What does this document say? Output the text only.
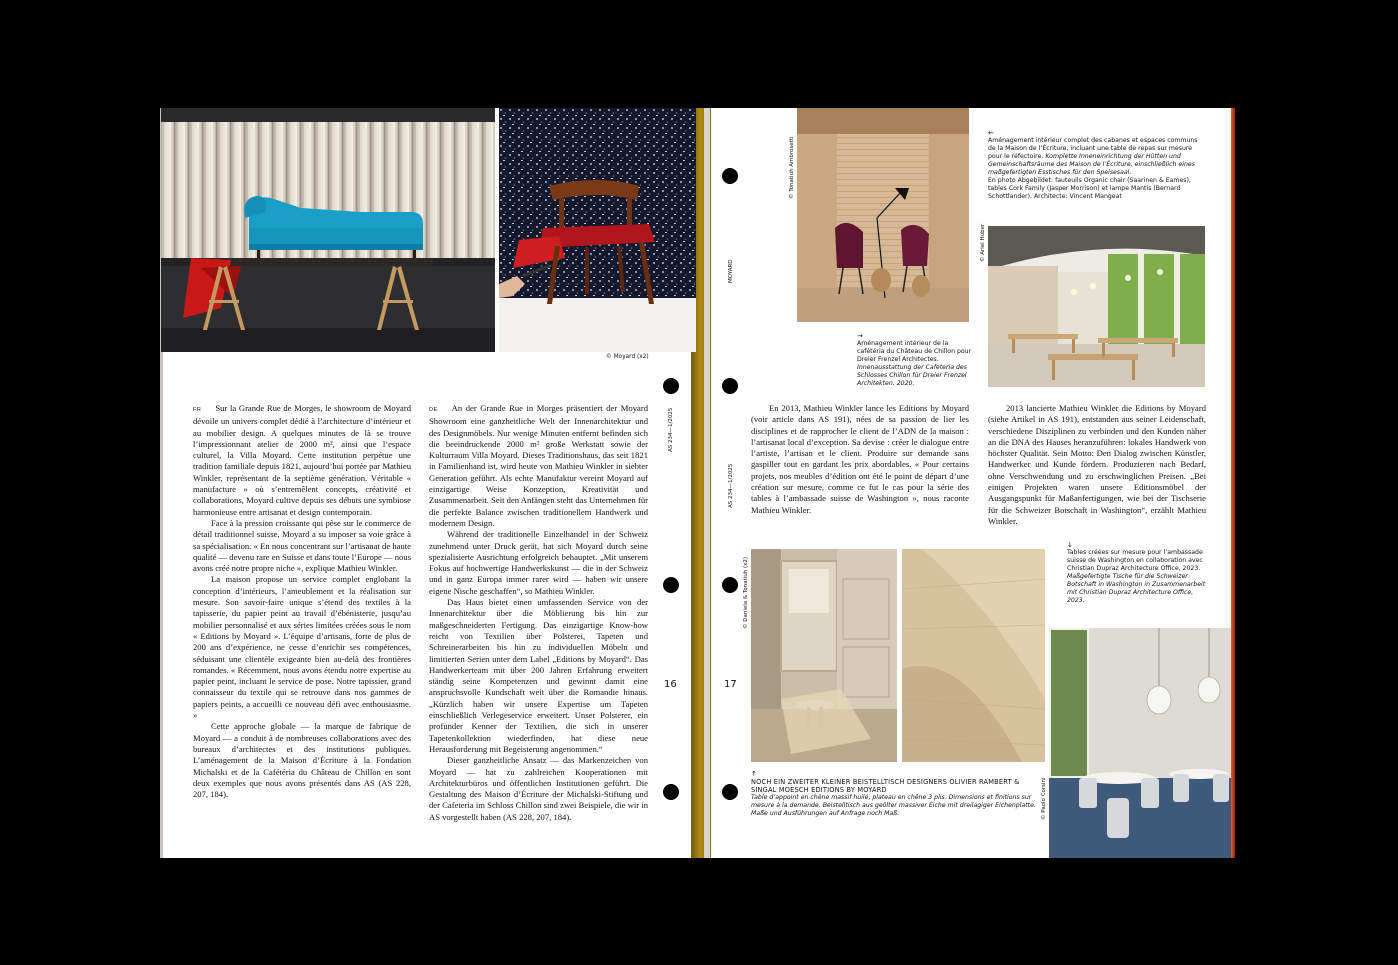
© Moyard (x2)

FR Sur la Grande Rue de Morges, le showroom de Moyard dévoile un univers complet dédié à l’architecture d’intérieur et au mobilier design. A quelques minutes de là se trouve l’impressionnant atelier de 2000 m², ainsi que l’espace culturel, la Villa Moyard. Cette institution perpétue une tradition familiale depuis 1821, aujourd’hui portée par Mathieu Winkler, représentant de la septième génération. Véritable « manufacture » où s’entremêlent concepts, créativité et collaborations, Moyard cultive depuis ses débuts une symbiose harmonieuse entre artisanat et design contemporain.

Face à la pression croissante qui pèse sur le commerce de détail traditionnel suisse, Moyard a su imposer sa voie grâce à sa spécialisation. « En nous concentrant sur l’artisanat de haute qualité — devenu rare en Suisse et dans toute l’Europe — nous avons créé notre propre niche », explique Mathieu Winkler.

La maison propose un service complet englobant la conception d’intérieurs, l’ameublement et la réalisation sur mesure. Son savoir-faire unique s’étend des textiles à la tapisserie, du papier peint au travail d’ébénisterie, jusqu’au mobilier personnalisé et aux séries limitées créées sous le nom « Editions by Moyard ». L’équipe d’artisans, forte de plus de 200 ans d’expérience, ne cesse d’enrichir ses compétences, séduisant une clientèle exigeante bien au-delà des frontières romandes. « Récemment, nous avons étendu notre expertise au papier peint, incluant le service de pose. Notre tapissier, grand connaisseur du textile qui se retrouve dans nos gammes de papiers peints, a accueilli ce nouveau défi avec enthousiasme. »

Cette approche globale — la marque de fabrique de Moyard — a conduit à de nombreuses collaborations avec des bureaux d’architectes et des institutions publiques. L’aménagement de la Maison d’Écriture à la Fondation Michalski et de la Cafétéria du Château de Chillon en sont deux exemples que nous avons présentés dans AS (AS 228, 207, 184).

DE An der Grande Rue in Morges präsentiert der Moyard Showroom eine ganzheitliche Welt der Innenarchitektur und des Designmöbels. Nur wenige Minuten entfernt befinden sich die beeindruckende 2000 m² große Werkstatt sowie der Kulturraum Villa Moyard. Dieses Traditionshaus, das seit 1821 in Familienhand ist, wird heute von Mathieu Winkler in siebter Generation geführt. Als echte Manufaktur vereint Moyard auf einzigartige Weise Konzeption, Kreativität und Zusammenarbeit. Seit den Anfängen steht das Unternehmen für die perfekte Balance zwischen traditionellem Handwerk und modernem Design.

Während der traditionelle Einzelhandel in der Schweiz zunehmend unter Druck gerät, hat sich Moyard durch seine spezialisierte Ausrichtung erfolgreich behauptet. „Mit unserem Fokus auf hochwertige Handwerkskunst — die in der Schweiz und in ganz Europa immer rarer wird — haben wir unsere eigene Nische geschaffen“, so Mathieu Winkler.

Das Haus bietet einen umfassenden Service von der Innenarchitektur über die Möblierung bis hin zur maßgeschneiderten Fertigung. Das einzigartige Know-how reicht von Textilien über Polsterei, Tapeten und Schreinerarbeiten bis hin zu individuellen Möbeln und limitierten Serien unter dem Label „Editions by Moyard“. Das Handwerkerteam mit über 200 Jahren Erfahrung erweitert ständig seine Kompetenzen und gewinnt damit eine anspruchsvolle Kundschaft weit über die Romandie hinaus. „Kürzlich haben wir unsere Expertise um Tapeten einschließlich Verlegeservice erweitert. Unser Polsterer, ein profunder Kenner der Textilien, die sich in unserer Tapetenkollektion wiederfinden, hat diese neue Herausforderung mit Begeisterung angenommen.“

Dieser ganzheitliche Ansatz — das Markenzeichen von Moyard — hat zu zahlreichen Kooperationen mit Architekturbüros und öffentlichen Institutionen geführt. Die Gestaltung des Maison d’Écriture der Michalski-Stiftung und der Cafeteria im Schloss Chillon sind zwei Beispiele, die wir in AS vorgestellt haben (AS 228, 207, 184).

AS 234—1/2025
16
MOYARD
AS 234—1/2025
17
© Tonatiuh Ambrosetti
© Ariel Huber
←
Aménagement intérieur complet des cabanes et espaces communs de la Maison de l’Écriture, incluant une table de repas sur mesure pour le réfectoire. Komplette Inneneinrichtung der Hütten und Gemeinschaftsräume des Maison de l’Écriture, einschließlich eines maßgefertigten Esstisches für den Speisesaal.
En photo Abgebildet: fauteuils Organic chair (Saarinen & Eames), tables Cork Family (Jasper Morrison) et lampe Mantis (Bernard Schottlander). Architecte: Vincent Mangeat
→
Aménagement intérieur de la cafétéria du Château de Chillon pour Dreier Frenzel Architectes. Innenausstattung der Cafeteria des Schlosses Chillon für Dreier Frenzel Architekten, 2020.

En 2013, Mathieu Winkler lance les Editions by Moyard (voir article dans AS 191), nées de sa passion de lier les disciplines et de rapprocher le client de l’ADN de la maison : l’artisanat local d’exception. Sa devise : créer le dialogue entre l’artiste, l’artisan et le client. Produire sur demande sans gaspiller tout en gardant les prix abordables. « Pour certains projets, nos meubles d’édition ont été le point de départ d’une création sur mesure, comme ce fut le cas pour la série des tables à l’ambassade suisse de Washington », nous raconte Mathieu Winkler.

2013 lancierte Mathieu Winkler die Editions by Moyard (siehe Artikel in AS 191), entstanden aus seiner Leidenschaft, verschiedene Disziplinen zu verbinden und den Kunden näher an die DNA des Hauses heranzuführen: lokales Handwerk von höchster Qualität. Sein Motto: Den Dialog zwischen Künstler, Handwerker und Kunde fördern. Produzieren nach Bedarf, ohne Verschwendung und zu erschwinglichen Preisen. „Bei einigen Projekten waren unsere Editionsmöbel der Ausgangspunkt für Maßanfertigungen, wie bei der Tischserie für die Schweizer Botschaft in Washington“, erzählt Mathieu Winkler.

© Daniela & Tonatiuh (x2)
↓
Tables créées sur mesure pour l’ambassade suisse de Washington en collaboration avec Christian Dupraz Architecture Office, 2023. Maßgefertigte Tische für die Schweizer Botschaft in Washington in Zusammenarbeit mit Christian Dupraz Architecture Office, 2023.
© Paolo Corsini
↑
NOCH EIN ZWEITER KLEINER BEISTELLTISCH DESIGNERS OLIVIER RAMBERT & SINGAL MOESCH EDITIONS BY MOYARD
Table d’appoint en chêne massif huilé, plateau en chêne 3 plis. Dimensions et finitions sur mesure à la demande. Beistelltisch aus geölter massiver Eiche mit dreilagiger Eichenplatte. Maße und Ausführungen auf Anfrage noch Maß.
